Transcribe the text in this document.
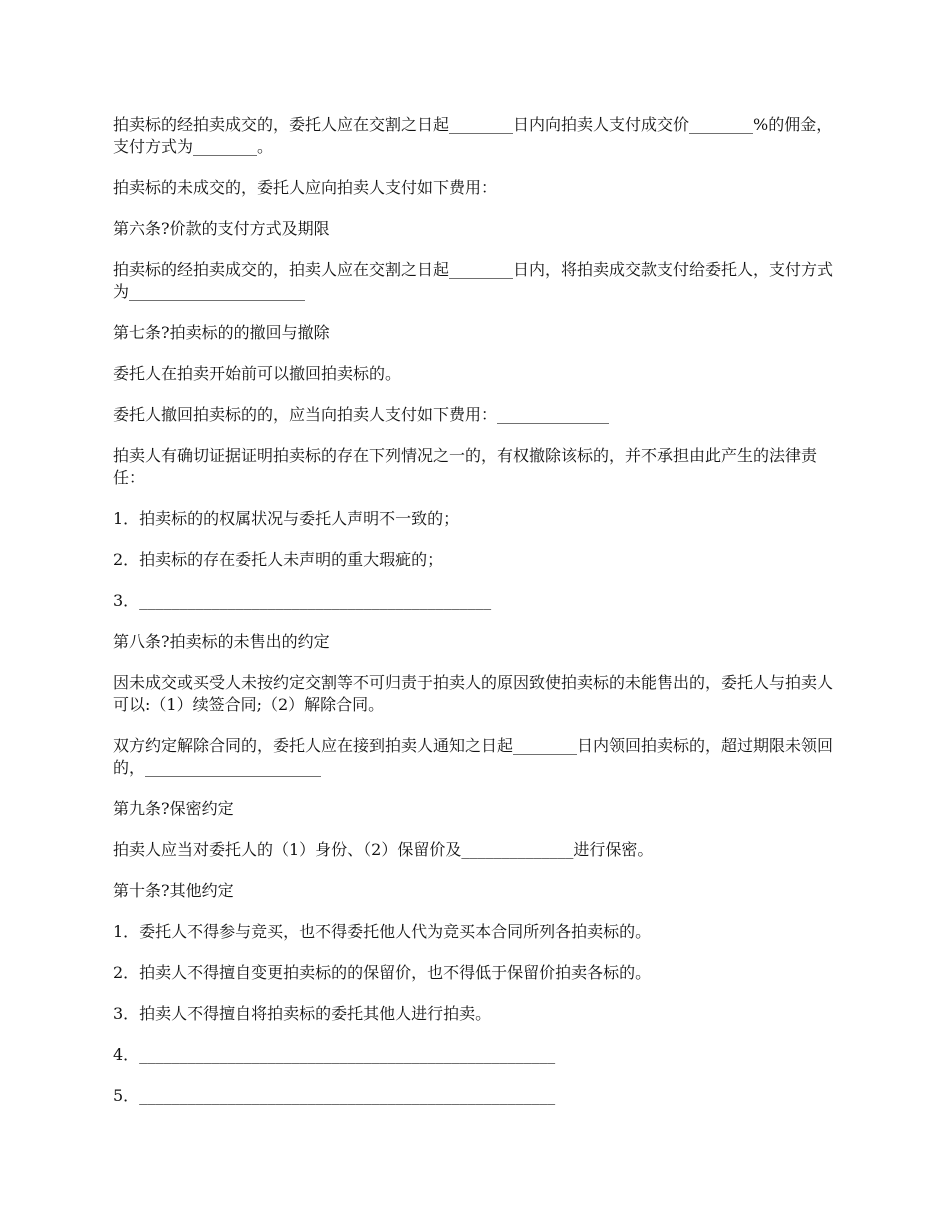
拍卖标的经拍卖成交的，委托人应在交割之日起________日内向拍卖人支付成交价________%的佣金，支付方式为________。

拍卖标的未成交的，委托人应向拍卖人支付如下费用：

第六条?价款的支付方式及期限

拍卖标的经拍卖成交的，拍卖人应在交割之日起________日内，将拍卖成交款支付给委托人，支付方式为______________________

第七条?拍卖标的的撤回与撤除

委托人在拍卖开始前可以撤回拍卖标的。

委托人撤回拍卖标的的，应当向拍卖人支付如下费用：______________

拍卖人有确切证据证明拍卖标的存在下列情况之一的，有权撤除该标的，并不承担由此产生的法律责任：

1．拍卖标的的权属状况与委托人声明不一致的；

2．拍卖标的存在委托人未声明的重大瑕疵的；

3．____________________________________________

第八条?拍卖标的未售出的约定

因未成交或买受人未按约定交割等不可归责于拍卖人的原因致使拍卖标的未能售出的，委托人与拍卖人可以:（1）续签合同;（2）解除合同。

双方约定解除合同的，委托人应在接到拍卖人通知之日起________日内领回拍卖标的，超过期限未领回的，______________________

第九条?保密约定

拍卖人应当对委托人的（1）身份、（2）保留价及______________进行保密。

第十条?其他约定

1．委托人不得参与竞买，也不得委托他人代为竞买本合同所列各拍卖标的。

2．拍卖人不得擅自变更拍卖标的的保留价，也不得低于保留价拍卖各标的。

3．拍卖人不得擅自将拍卖标的委托其他人进行拍卖。

4．____________________________________________________

5．____________________________________________________
